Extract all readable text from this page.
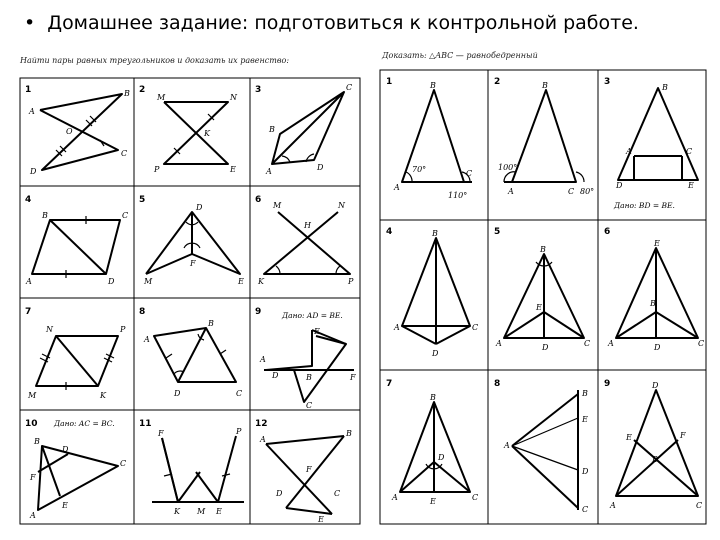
• Домашнее задание: подготовиться к контрольной работе.
Найти пары равных треугольников и доказать их равенство:
1	B
A
O
D
C
2
M	N
K
P	E
3	C
B
A	D
4
B	C
A	D
5
D
F
M	E
6
M	N
H
K	P
7
N	P
M	K
8
B
A
D	C
9	Дано: AD = BE.
E
A
B	F
D
C
10 Дано: AC = BC.
B
D
C
F
E
A
11
F	P
K M E
12
A
B
F
D	C
E
Доказать: △ABC — равнобедренный
1	B
A
C
70°
110°
2	B
A	C
100°
80°
3
B
A	C
D	E
Дано: BD = BE.
4	B
A	C
D
5
B
E
A	D	C
6
E
B
A	D	C
7
B
D
A	E	C
8
B
E
A
D
C
9	D
E	F
B
A	C
